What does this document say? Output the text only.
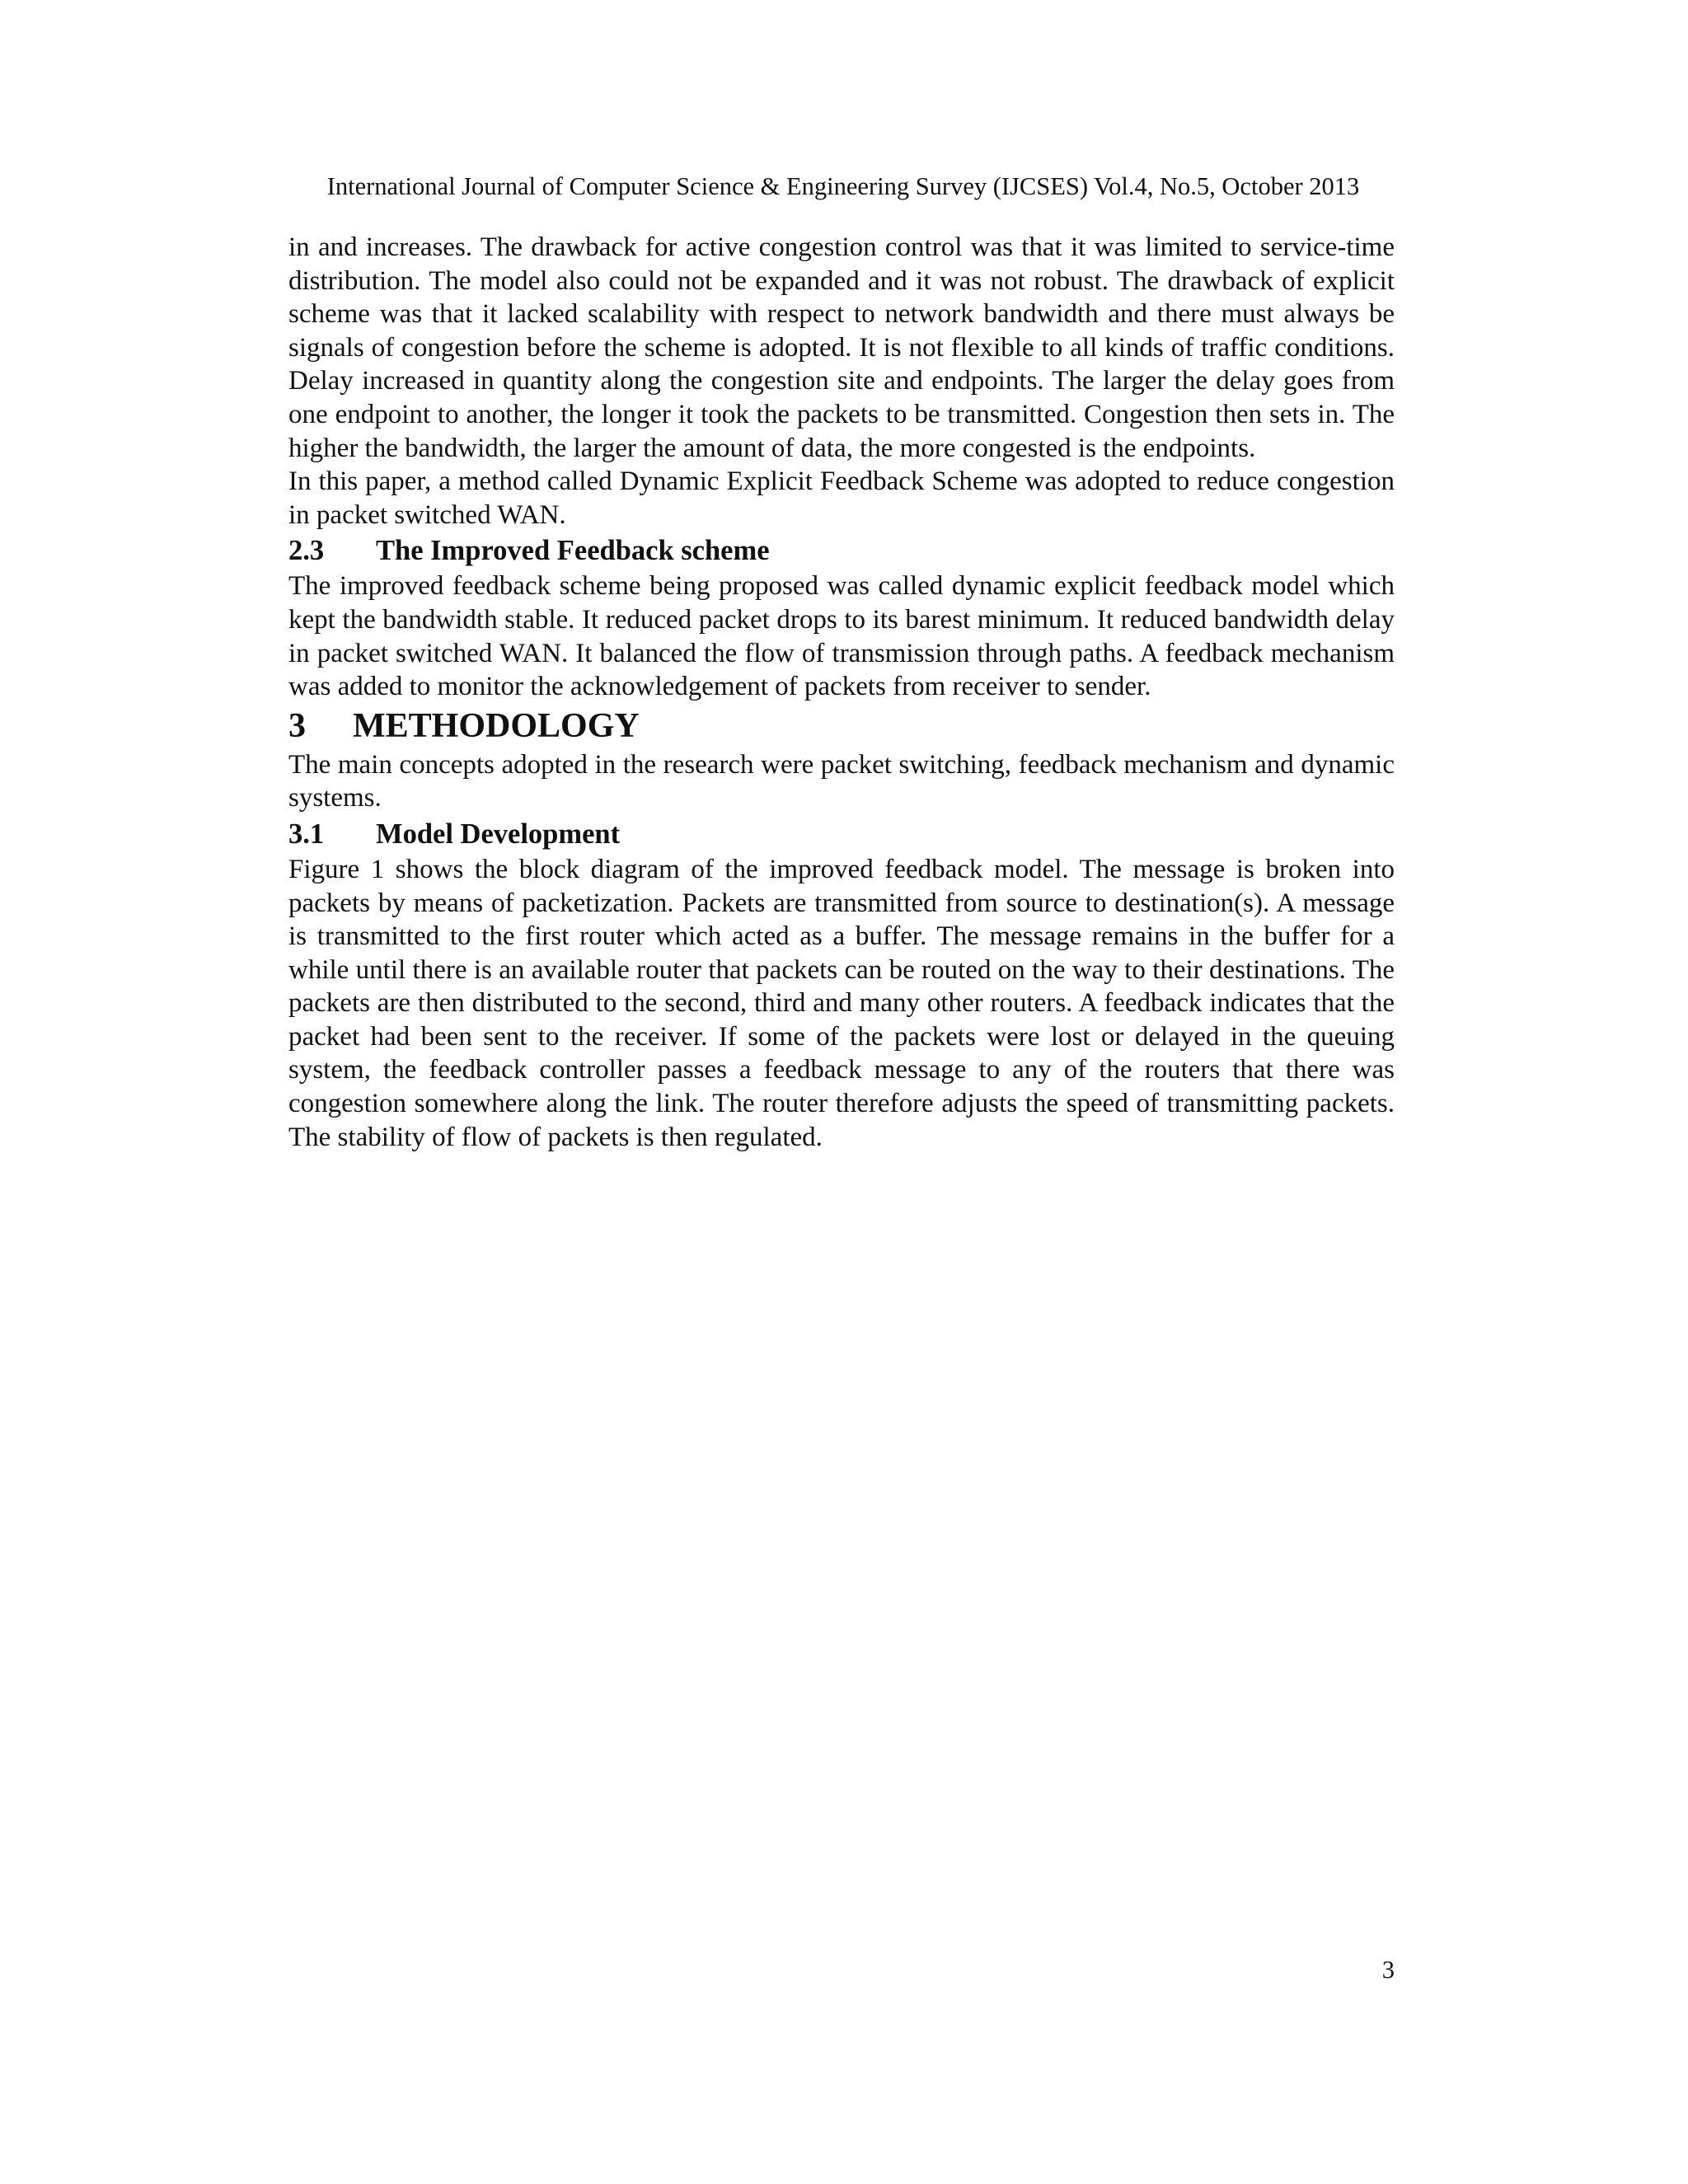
International Journal of Computer Science & Engineering Survey (IJCSES) Vol.4, No.5, October 2013

in and increases. The drawback for active congestion control was that it was limited to service-time distribution. The model also could not be expanded and it was not robust. The drawback of explicit scheme was that it lacked scalability with respect to network bandwidth and there must always be signals of congestion before the scheme is adopted. It is not flexible to all kinds of traffic conditions. Delay increased in quantity along the congestion site and endpoints. The larger the delay goes from one endpoint to another, the longer it took the packets to be transmitted. Congestion then sets in. The higher the bandwidth, the larger the amount of data, the more congested is the endpoints.

In this paper, a method called Dynamic Explicit Feedback Scheme was adopted to reduce congestion in packet switched WAN.

2.3	The Improved Feedback scheme

The improved feedback scheme being proposed was called dynamic explicit feedback model which kept the bandwidth stable. It reduced packet drops to its barest minimum. It reduced bandwidth delay in packet switched WAN. It balanced the flow of transmission through paths. A feedback mechanism was added to monitor the acknowledgement of packets from receiver to sender.

3	METHODOLOGY

The main concepts adopted in the research were packet switching, feedback mechanism and dynamic systems.

3.1	Model Development

Figure 1 shows the block diagram of the improved feedback model. The message is broken into packets by means of packetization. Packets are transmitted from source to destination(s). A message is transmitted to the first router which acted as a buffer. The message remains in the buffer for a while until there is an available router that packets can be routed on the way to their destinations. The packets are then distributed to the second, third and many other routers. A feedback indicates that the packet had been sent to the receiver. If some of the packets were lost or delayed in the queuing system, the feedback controller passes a feedback message to any of the routers that there was congestion somewhere along the link. The router therefore adjusts the speed of transmitting packets. The stability of flow of packets is then regulated.

3
